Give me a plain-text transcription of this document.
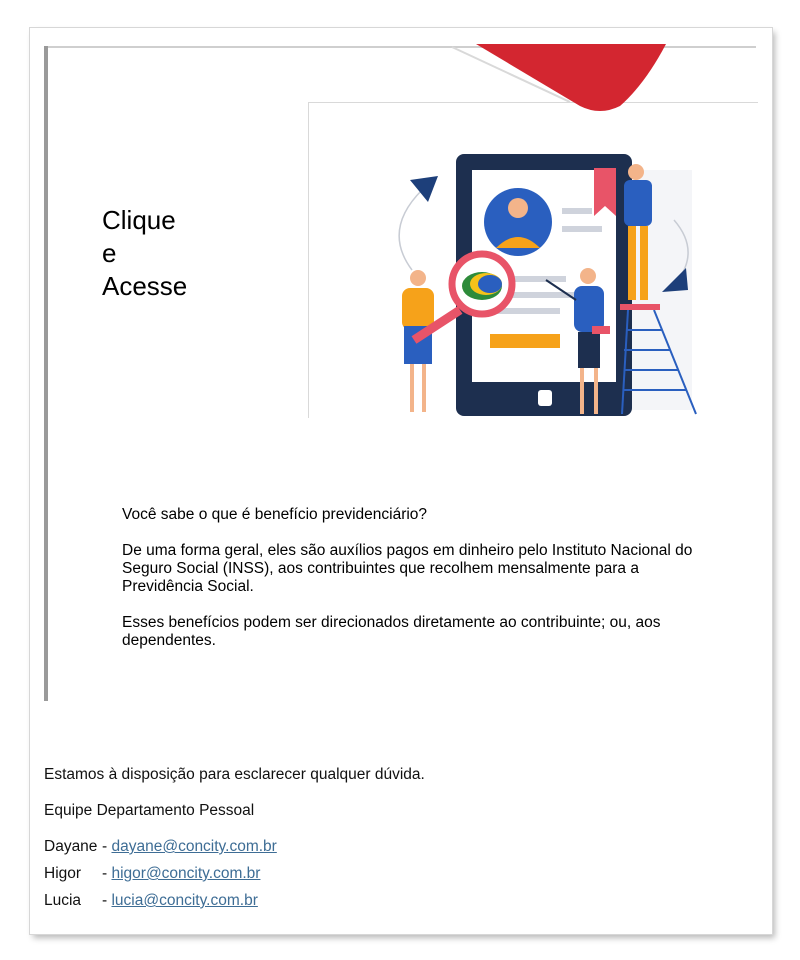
Clique
e
Acesse

Você sabe o que é benefício previdenciário?

De uma forma geral, eles são auxílios pagos em dinheiro pelo Instituto Nacional do Seguro Social (INSS), aos contribuintes que recolhem mensalmente para a Previdência Social.

Esses benefícios podem ser direcionados diretamente ao contribuinte; ou, aos dependentes.

Estamos à disposição para esclarecer qualquer dúvida.
Equipe Departamento Pessoal
Dayane - dayane@concity.com.br
Higor - higor@concity.com.br
Lucia - lucia@concity.com.br
